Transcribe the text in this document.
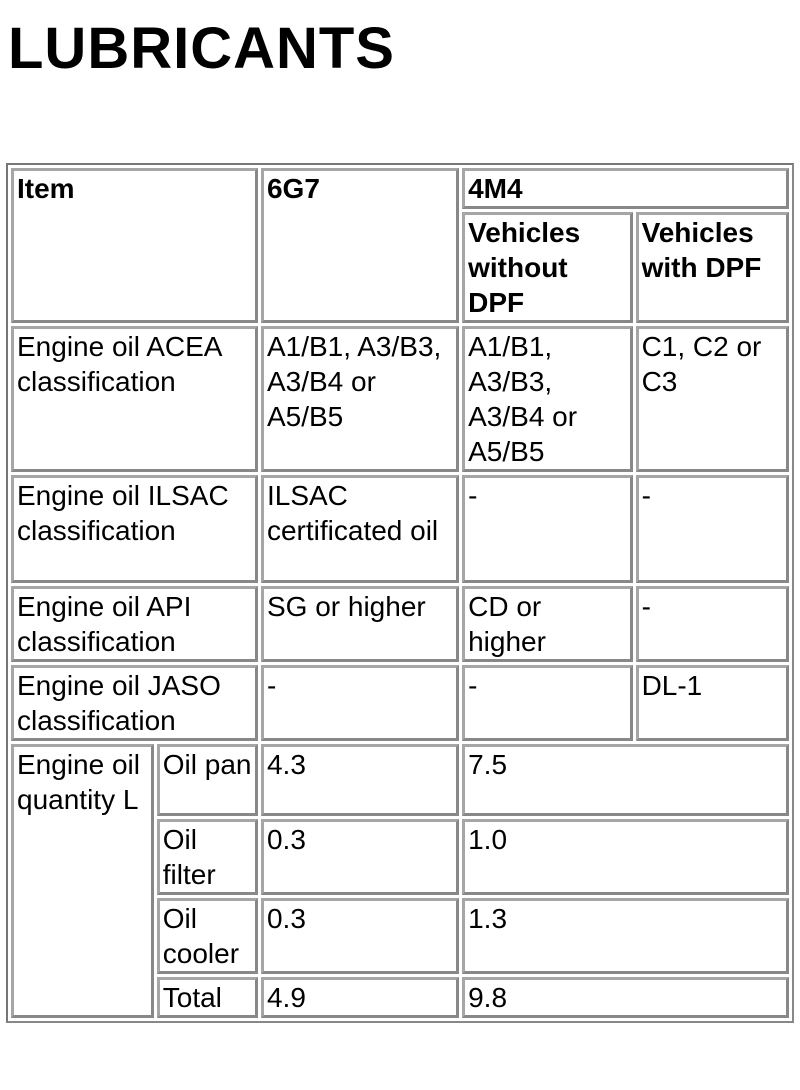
LUBRICANTS
Item		6G7	4M4	
			Vehicles without DPF	Vehicles with DPF
Engine oil ACEA classification		A1/B1, A3/B3, A3/B4 or A5/B5	A1/B1, A3/B3, A3/B4 or A5/B5	C1, C2 or C3
Engine oil ILSAC classification		ILSAC certificated oil	-	-
Engine oil API classification		SG or higher	CD or higher	-
Engine oil JASO classification		-	-	DL-1
Engine oil quantity L	Oil pan	4.3	7.5	
	Oil filter	0.3	1.0	
	Oil cooler	0.3	1.3	
	Total	4.9	9.8	
